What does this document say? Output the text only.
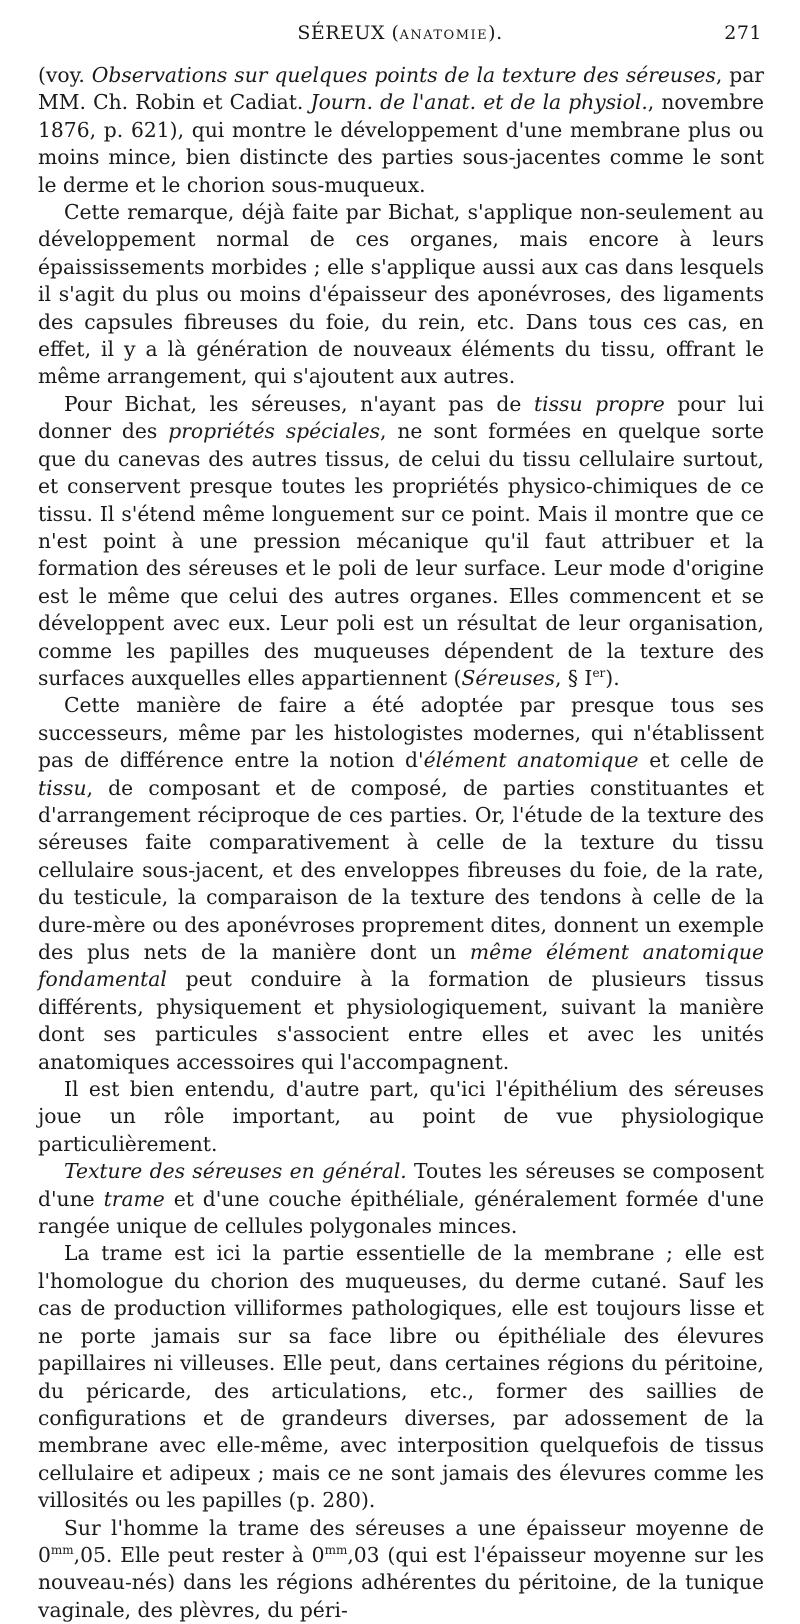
SÉREUX (ANATOMIE).	271

(voy. Observations sur quelques points de la texture des séreuses, par MM. Ch. Robin et Cadiat. Journ. de l'anat. et de la physiol., novembre 1876, p. 621), qui montre le développement d'une membrane plus ou moins mince, bien distincte des parties sous-jacentes comme le sont le derme et le chorion sous-muqueux.

Cette remarque, déjà faite par Bichat, s'applique non-seulement au développement normal de ces organes, mais encore à leurs épaississements morbides ; elle s'applique aussi aux cas dans lesquels il s'agit du plus ou moins d'épaisseur des aponévroses, des ligaments des capsules fibreuses du foie, du rein, etc. Dans tous ces cas, en effet, il y a là génération de nouveaux éléments du tissu, offrant le même arrangement, qui s'ajoutent aux autres.

Pour Bichat, les séreuses, n'ayant pas de tissu propre pour lui donner des propriétés spéciales, ne sont formées en quelque sorte que du canevas des autres tissus, de celui du tissu cellulaire surtout, et conservent presque toutes les propriétés physico-chimiques de ce tissu. Il s'étend même longuement sur ce point. Mais il montre que ce n'est point à une pression mécanique qu'il faut attribuer et la formation des séreuses et le poli de leur surface. Leur mode d'origine est le même que celui des autres organes. Elles commencent et se développent avec eux. Leur poli est un résultat de leur organisation, comme les papilles des muqueuses dépendent de la texture des surfaces auxquelles elles appartiennent (Séreuses, § Ier).

Cette manière de faire a été adoptée par presque tous ses successeurs, même par les histologistes modernes, qui n'établissent pas de différence entre la notion d'élément anatomique et celle de tissu, de composant et de composé, de parties constituantes et d'arrangement réciproque de ces parties. Or, l'étude de la texture des séreuses faite comparativement à celle de la texture du tissu cellulaire sous-jacent, et des enveloppes fibreuses du foie, de la rate, du testicule, la comparaison de la texture des tendons à celle de la dure-mère ou des aponévroses proprement dites, donnent un exemple des plus nets de la manière dont un même élément anatomique fondamental peut conduire à la formation de plusieurs tissus différents, physiquement et physiologiquement, suivant la manière dont ses particules s'associent entre elles et avec les unités anatomiques accessoires qui l'accompagnent.

Il est bien entendu, d'autre part, qu'ici l'épithélium des séreuses joue un rôle important, au point de vue physiologique particulièrement.

Texture des séreuses en général. Toutes les séreuses se composent d'une trame et d'une couche épithéliale, généralement formée d'une rangée unique de cellules polygonales minces.

La trame est ici la partie essentielle de la membrane ; elle est l'homologue du chorion des muqueuses, du derme cutané. Sauf les cas de production villiformes pathologiques, elle est toujours lisse et ne porte jamais sur sa face libre ou épithéliale des élevures papillaires ni villeuses. Elle peut, dans certaines régions du péritoine, du péricarde, des articulations, etc., former des saillies de configurations et de grandeurs diverses, par adossement de la membrane avec elle-même, avec interposition quelquefois de tissus cellulaire et adipeux ; mais ce ne sont jamais des élevures comme les villosités ou les papilles (p. 280).

Sur l'homme la trame des séreuses a une épaisseur moyenne de $0^{mm},05$. Elle peut rester à $0^{mm},03$ (qui est l'épaisseur moyenne sur les nouveau-nés) dans les régions adhérentes du péritoine, de la tunique vaginale, des plèvres, du péri-
